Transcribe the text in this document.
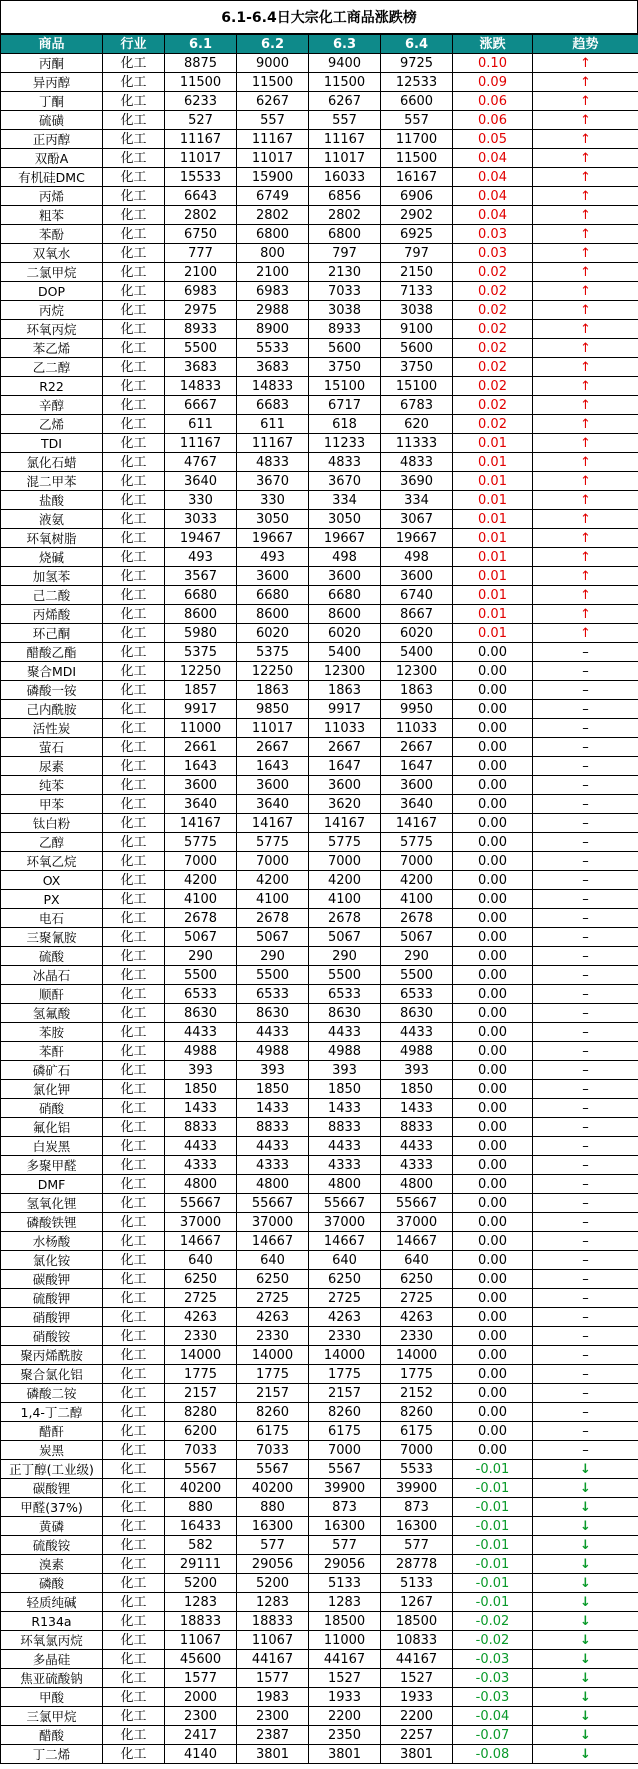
6.1-6.4日大宗化工商品涨跌榜
商品	行业	6.1	6.2	6.3	6.4	涨跌	趋势
丙酮	化工	8875	9000	9400	9725	0.10	↑
异丙醇	化工	11500	11500	11500	12533	0.09	↑
丁酮	化工	6233	6267	6267	6600	0.06	↑
硫磺	化工	527	557	557	557	0.06	↑
正丙醇	化工	11167	11167	11167	11700	0.05	↑
双酚A	化工	11017	11017	11017	11500	0.04	↑
有机硅DMC	化工	15533	15900	16033	16167	0.04	↑
丙烯	化工	6643	6749	6856	6906	0.04	↑
粗苯	化工	2802	2802	2802	2902	0.04	↑
苯酚	化工	6750	6800	6800	6925	0.03	↑
双氧水	化工	777	800	797	797	0.03	↑
二氯甲烷	化工	2100	2100	2130	2150	0.02	↑
DOP	化工	6983	6983	7033	7133	0.02	↑
丙烷	化工	2975	2988	3038	3038	0.02	↑
环氧丙烷	化工	8933	8900	8933	9100	0.02	↑
苯乙烯	化工	5500	5533	5600	5600	0.02	↑
乙二醇	化工	3683	3683	3750	3750	0.02	↑
R22	化工	14833	14833	15100	15100	0.02	↑
辛醇	化工	6667	6683	6717	6783	0.02	↑
乙烯	化工	611	611	618	620	0.02	↑
TDI	化工	11167	11167	11233	11333	0.01	↑
氯化石蜡	化工	4767	4833	4833	4833	0.01	↑
混二甲苯	化工	3640	3670	3670	3690	0.01	↑
盐酸	化工	330	330	334	334	0.01	↑
液氨	化工	3033	3050	3050	3067	0.01	↑
环氧树脂	化工	19467	19667	19667	19667	0.01	↑
烧碱	化工	493	493	498	498	0.01	↑
加氢苯	化工	3567	3600	3600	3600	0.01	↑
己二酸	化工	6680	6680	6680	6740	0.01	↑
丙烯酸	化工	8600	8600	8600	8667	0.01	↑
环己酮	化工	5980	6020	6020	6020	0.01	↑
醋酸乙酯	化工	5375	5375	5400	5400	0.00	–
聚合MDI	化工	12250	12250	12300	12300	0.00	–
磷酸一铵	化工	1857	1863	1863	1863	0.00	–
己内酰胺	化工	9917	9850	9917	9950	0.00	–
活性炭	化工	11000	11017	11033	11033	0.00	–
萤石	化工	2661	2667	2667	2667	0.00	–
尿素	化工	1643	1643	1647	1647	0.00	–
纯苯	化工	3600	3600	3600	3600	0.00	–
甲苯	化工	3640	3640	3620	3640	0.00	–
钛白粉	化工	14167	14167	14167	14167	0.00	–
乙醇	化工	5775	5775	5775	5775	0.00	–
环氧乙烷	化工	7000	7000	7000	7000	0.00	–
OX	化工	4200	4200	4200	4200	0.00	–
PX	化工	4100	4100	4100	4100	0.00	–
电石	化工	2678	2678	2678	2678	0.00	–
三聚氰胺	化工	5067	5067	5067	5067	0.00	–
硫酸	化工	290	290	290	290	0.00	–
冰晶石	化工	5500	5500	5500	5500	0.00	–
顺酐	化工	6533	6533	6533	6533	0.00	–
氢氟酸	化工	8630	8630	8630	8630	0.00	–
苯胺	化工	4433	4433	4433	4433	0.00	–
苯酐	化工	4988	4988	4988	4988	0.00	–
磷矿石	化工	393	393	393	393	0.00	–
氯化钾	化工	1850	1850	1850	1850	0.00	–
硝酸	化工	1433	1433	1433	1433	0.00	–
氟化铝	化工	8833	8833	8833	8833	0.00	–
白炭黑	化工	4433	4433	4433	4433	0.00	–
多聚甲醛	化工	4333	4333	4333	4333	0.00	–
DMF	化工	4800	4800	4800	4800	0.00	–
氢氧化锂	化工	55667	55667	55667	55667	0.00	–
磷酸铁锂	化工	37000	37000	37000	37000	0.00	–
水杨酸	化工	14667	14667	14667	14667	0.00	–
氯化铵	化工	640	640	640	640	0.00	–
碳酸钾	化工	6250	6250	6250	6250	0.00	–
硫酸钾	化工	2725	2725	2725	2725	0.00	–
硝酸钾	化工	4263	4263	4263	4263	0.00	–
硝酸铵	化工	2330	2330	2330	2330	0.00	–
聚丙烯酰胺	化工	14000	14000	14000	14000	0.00	–
聚合氯化铝	化工	1775	1775	1775	1775	0.00	–
磷酸二铵	化工	2157	2157	2157	2152	0.00	–
1,4-丁二醇	化工	8280	8260	8260	8260	0.00	–
醋酐	化工	6200	6175	6175	6175	0.00	–
炭黑	化工	7033	7033	7000	7000	0.00	–
正丁醇(工业级)	化工	5567	5567	5567	5533	-0.01	↓
碳酸锂	化工	40200	40200	39900	39900	-0.01	↓
甲醛(37%)	化工	880	880	873	873	-0.01	↓
黄磷	化工	16433	16300	16300	16300	-0.01	↓
硫酸铵	化工	582	577	577	577	-0.01	↓
溴素	化工	29111	29056	29056	28778	-0.01	↓
磷酸	化工	5200	5200	5133	5133	-0.01	↓
轻质纯碱	化工	1283	1283	1283	1267	-0.01	↓
R134a	化工	18833	18833	18500	18500	-0.02	↓
环氧氯丙烷	化工	11067	11067	11000	10833	-0.02	↓
多晶硅	化工	45600	44167	44167	44167	-0.03	↓
焦亚硫酸钠	化工	1577	1577	1527	1527	-0.03	↓
甲酸	化工	2000	1983	1933	1933	-0.03	↓
三氯甲烷	化工	2300	2300	2200	2200	-0.04	↓
醋酸	化工	2417	2387	2350	2257	-0.07	↓
丁二烯	化工	4140	3801	3801	3801	-0.08	↓
